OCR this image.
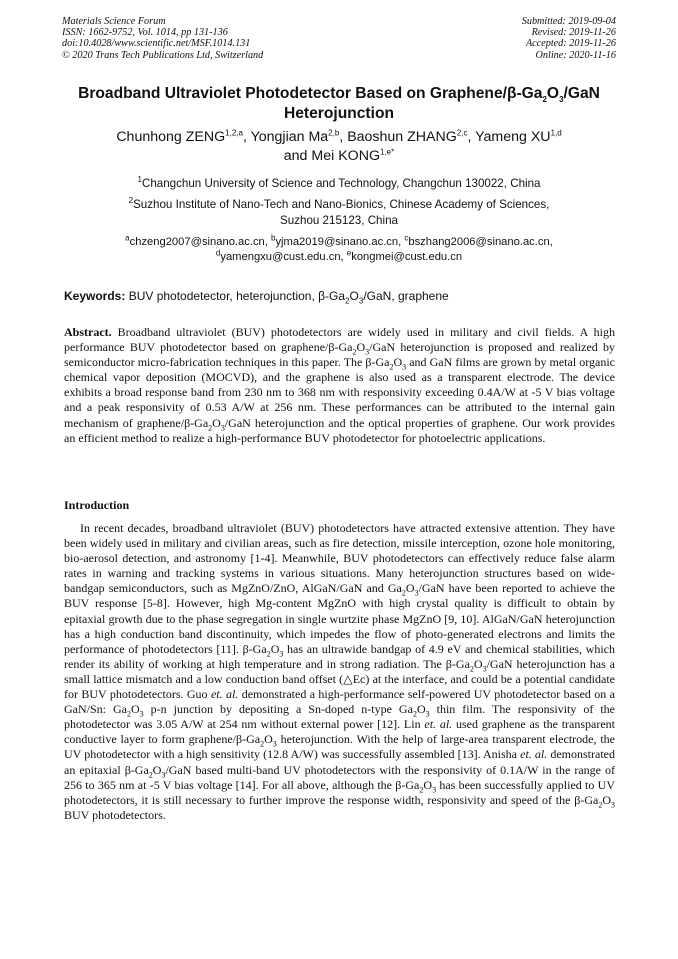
Materials Science Forum
ISSN: 1662-9752, Vol. 1014, pp 131-136
doi:10.4028/www.scientific.net/MSF.1014.131
© 2020 Trans Tech Publications Ltd, Switzerland
Submitted: 2019-09-04
Revised: 2019-11-26
Accepted: 2019-11-26
Online: 2020-11-16
Broadband Ultraviolet Photodetector Based on Graphene/$\beta-Ga_2O_3$/GaN
Heterojunction
Chunhong ZENG$^{1,2,a}$, Yongjian Ma$^{2,b}$, Baoshun ZHANG$^{2,c}$, Yameng XU$^{1,d}$
and Mei $KONG^{1,e*}$
$^1$Changchun University of Science and Technology, Changchun 130022, China
$^2$Suzhou Institute of Nano-Tech and Nano-Bionics, Chinese Academy of Sciences,
Suzhou 215123, China
$^a$chzeng2007@sinano.ac.cn, $^b$yjma2019@sinano.ac.cn, $^c$bszhang2006@sinano.ac.cn,
$^d$yamengxu@cust.edu.cn, $^e$kongmei@cust.edu.cn
Keywords: BUV photodetector, heterojunction, $\beta-Ga_2O_3$/GaN, graphene
Abstract. Broadband ultraviolet (BUV) photodetectors are widely used in military and civil fields. A high performance BUV photodetector based on graphene/$\beta-Ga_2O_3$/GaN heterojunction is proposed and realized by semiconductor micro-fabrication techniques in this paper. The $\beta-Ga_2O_3$ and GaN films are grown by metal organic chemical vapor deposition (MOCVD), and the graphene is also used as a transparent electrode. The device exhibits a broad response band from 230 nm to 368 nm with responsivity exceeding 0.4A/W at -5 V bias voltage and a peak responsivity of 0.53 A/W at 256 nm. These performances can be attributed to the internal gain mechanism of graphene/$\beta-Ga_2O_3$/GaN heterojunction and the optical properties of graphene. Our work provides an efficient method to realize a high-performance BUV photodetector for photoelectric applications.
Introduction
In recent decades, broadband ultraviolet (BUV) photodetectors have attracted extensive attention. They have been widely used in military and civilian areas, such as fire detection, missile interception, ozone hole monitoring, bio-aerosol detection, and astronomy [1-4]. Meanwhile, BUV photodetectors can effectively reduce false alarm rates in warning and tracking systems in various situations. Many heterojunction structures based on wide-bandgap semiconductors, such as MgZnO/ZnO, AlGaN/GaN and $Ga_2O_3$/GaN have been reported to achieve the BUV response [5-8]. However, high Mg-content MgZnO with high crystal quality is difficult to obtain by epitaxial growth due to the phase segregation in single wurtzite phase MgZnO [9, 10]. AlGaN/GaN heterojunction has a high conduction band discontinuity, which impedes the flow of photo-generated electrons and limits the performance of photodetectors [11]. $\beta-Ga_2O_3$ has an ultrawide bandgap of 4.9 eV and chemical stabilities, which render its ability of working at high temperature and in strong radiation. The $\beta-Ga_2O_3$/GaN heterojunction has a small lattice mismatch and a low conduction band offset (△Ec) at the interface, and could be a potential candidate for BUV photodetectors. Guo et. al. demonstrated a high-performance self-powered UV photodetector based on a GaN/Sn: $Ga_2O_3$ p-n junction by depositing a Sn-doped n-type $Ga_2O_3$ thin film. The responsivity of the photodetector was 3.05 A/W at 254 nm without external power [12]. Lin et. al. used graphene as the transparent conductive layer to form graphene/$\beta-Ga_2O_3$ heterojunction. With the help of large-area transparent electrode, the UV photodetector with a high sensitivity (12.8 A/W) was successfully assembled [13]. Anisha et. al. demonstrated an epitaxial $\beta-Ga_2O_3$/GaN based multi-band UV photodetectors with the responsivity of 0.1A/W in the range of 256 to 365 nm at -5 V bias voltage [14]. For all above, although the $\beta-Ga_2O_3$ has been successfully applied to UV photodetectors, it is still necessary to further improve the response width, responsivity and speed of the $\beta-Ga_2O_3$ BUV photodetectors.
